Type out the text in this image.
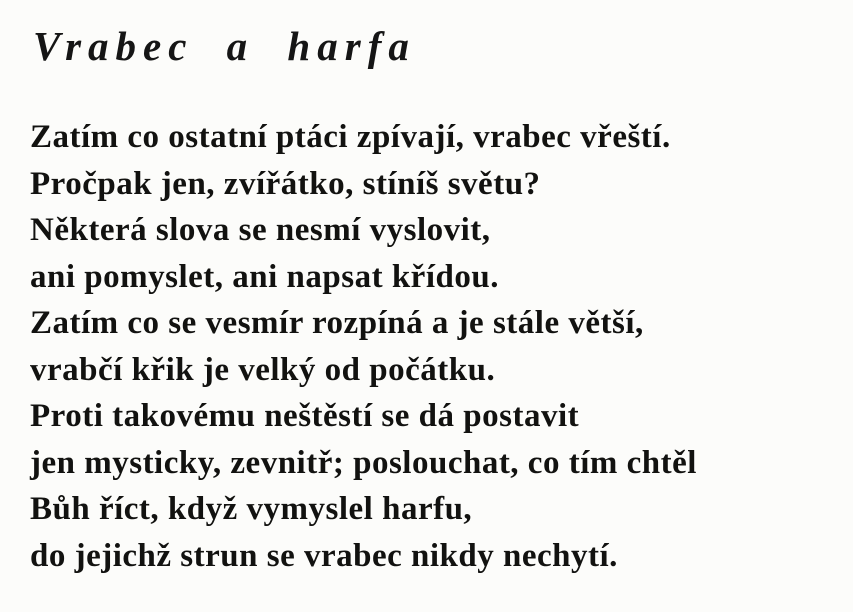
Vrabec a harfa

Zatím co ostatní ptáci zpívají, vrabec vřeští.

Pročpak jen, zvířátko, stíníš světu?

Některá slova se nesmí vyslovit,

ani pomyslet, ani napsat křídou.

Zatím co se vesmír rozpíná a je stále větší,

vrabčí křik je velký od počátku.

Proti takovému neštěstí se dá postavit

jen mysticky, zevnitř; poslouchat, co tím chtěl

Bůh říct, když vymyslel harfu,

do jejichž strun se vrabec nikdy nechytí.
